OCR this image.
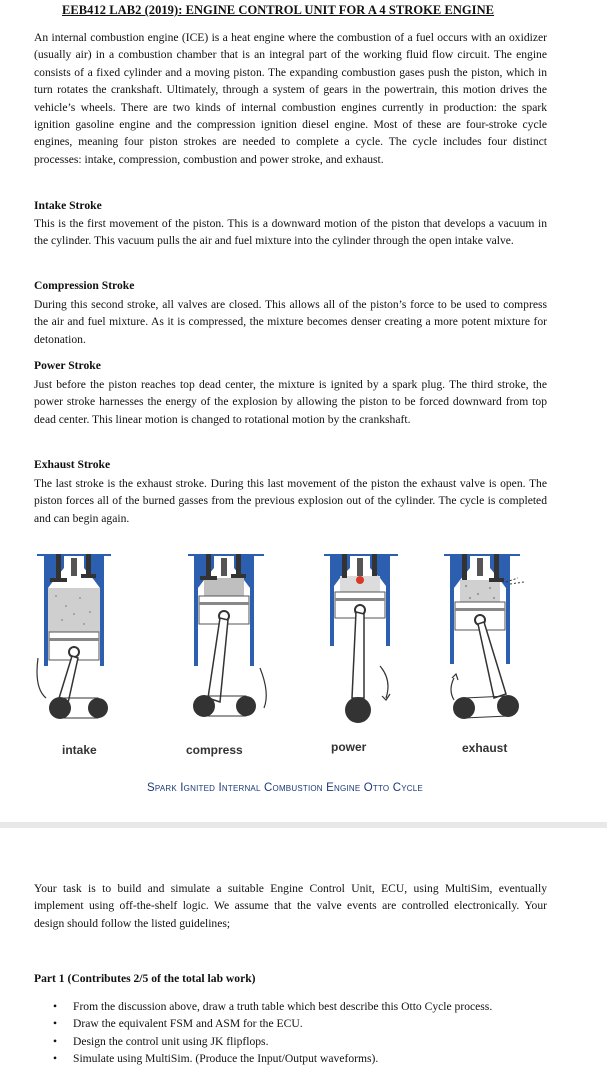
EEB412 LAB2 (2019): ENGINE CONTROL UNIT FOR A 4 STROKE ENGINE

An internal combustion engine (ICE) is a heat engine where the combustion of a fuel occurs with an oxidizer (usually air) in a combustion chamber that is an integral part of the working fluid flow circuit. The engine consists of a fixed cylinder and a moving piston. The expanding combustion gases push the piston, which in turn rotates the crankshaft. Ultimately, through a system of gears in the powertrain, this motion drives the vehicle’s wheels. There are two kinds of internal combustion engines currently in production: the spark ignition gasoline engine and the compression ignition diesel engine. Most of these are four-stroke cycle engines, meaning four piston strokes are needed to complete a cycle. The cycle includes four distinct processes: intake, compression, combustion and power stroke, and exhaust.

Intake Stroke

This is the first movement of the piston. This is a downward motion of the piston that develops a vacuum in the cylinder. This vacuum pulls the air and fuel mixture into the cylinder through the open intake valve.

Compression Stroke

During this second stroke, all valves are closed. This allows all of the piston’s force to be used to compress the air and fuel mixture. As it is compressed, the mixture becomes denser creating a more potent mixture for detonation.

Power Stroke

Just before the piston reaches top dead center, the mixture is ignited by a spark plug. The third stroke, the power stroke harnesses the energy of the explosion by allowing the piston to be forced downward from top dead center. This linear motion is changed to rotational motion by the crankshaft.

Exhaust Stroke

The last stroke is the exhaust stroke. During this last movement of the piston the exhaust valve is open. The piston forces all of the burned gasses from the previous explosion out of the cylinder. The cycle is completed and can begin again.

intake	compress	power	exhaust
Spark Ignited Internal Combustion Engine Otto Cycle

Your task is to build and simulate a suitable Engine Control Unit, ECU, using MultiSim, eventually implement using off-the-shelf logic. We assume that the valve events are controlled electronically. Your design should follow the listed guidelines;

Part 1 (Contributes 2/5 of the total lab work)
• From the discussion above, draw a truth table which best describe this Otto Cycle process.
• Draw the equivalent FSM and ASM for the ECU.
• Design the control unit using JK flipflops.
• Simulate using MultiSim. (Produce the Input/Output waveforms).
